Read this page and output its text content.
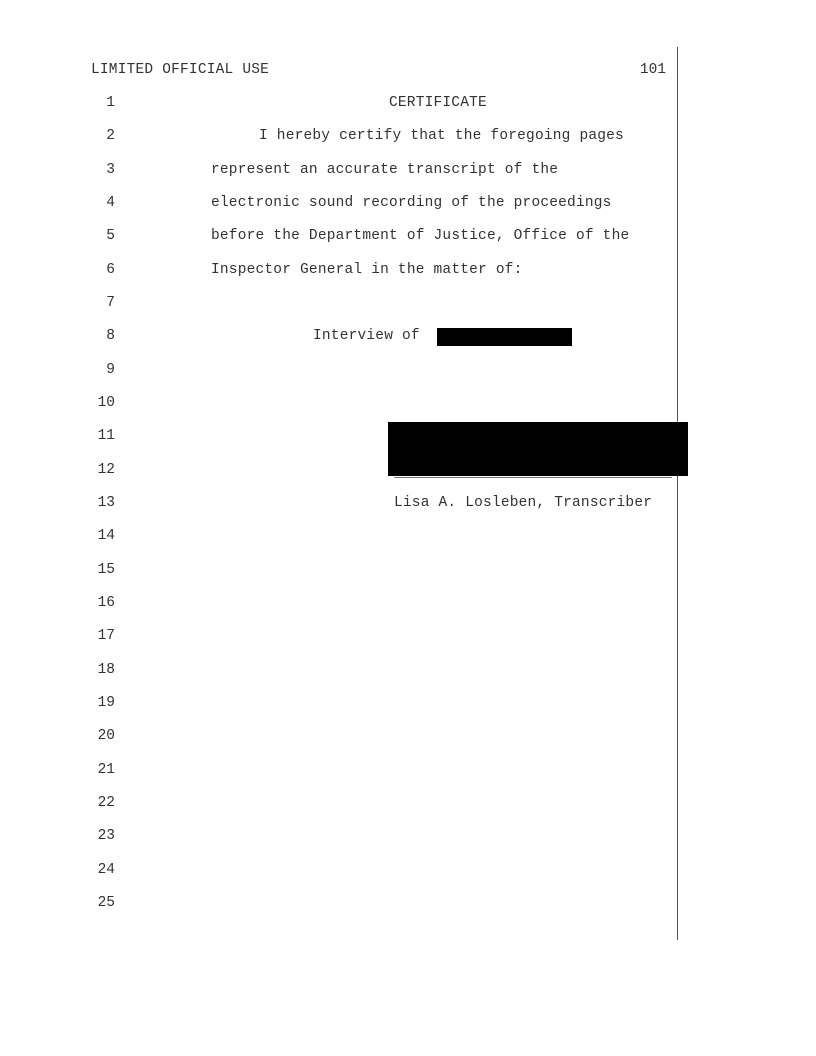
LIMITED OFFICIAL USE	101
1
2
3
4
5
6
7
8
9
10
11
12
13
14
15
16
17
18
19
20
21
22
23
24
25
CERTIFICATE
I hereby certify that the foregoing pages
represent an accurate transcript of the
electronic sound recording of the proceedings
before the Department of Justice, Office of the
Inspector General in the matter of:
Interview of
Lisa A. Losleben, Transcriber
